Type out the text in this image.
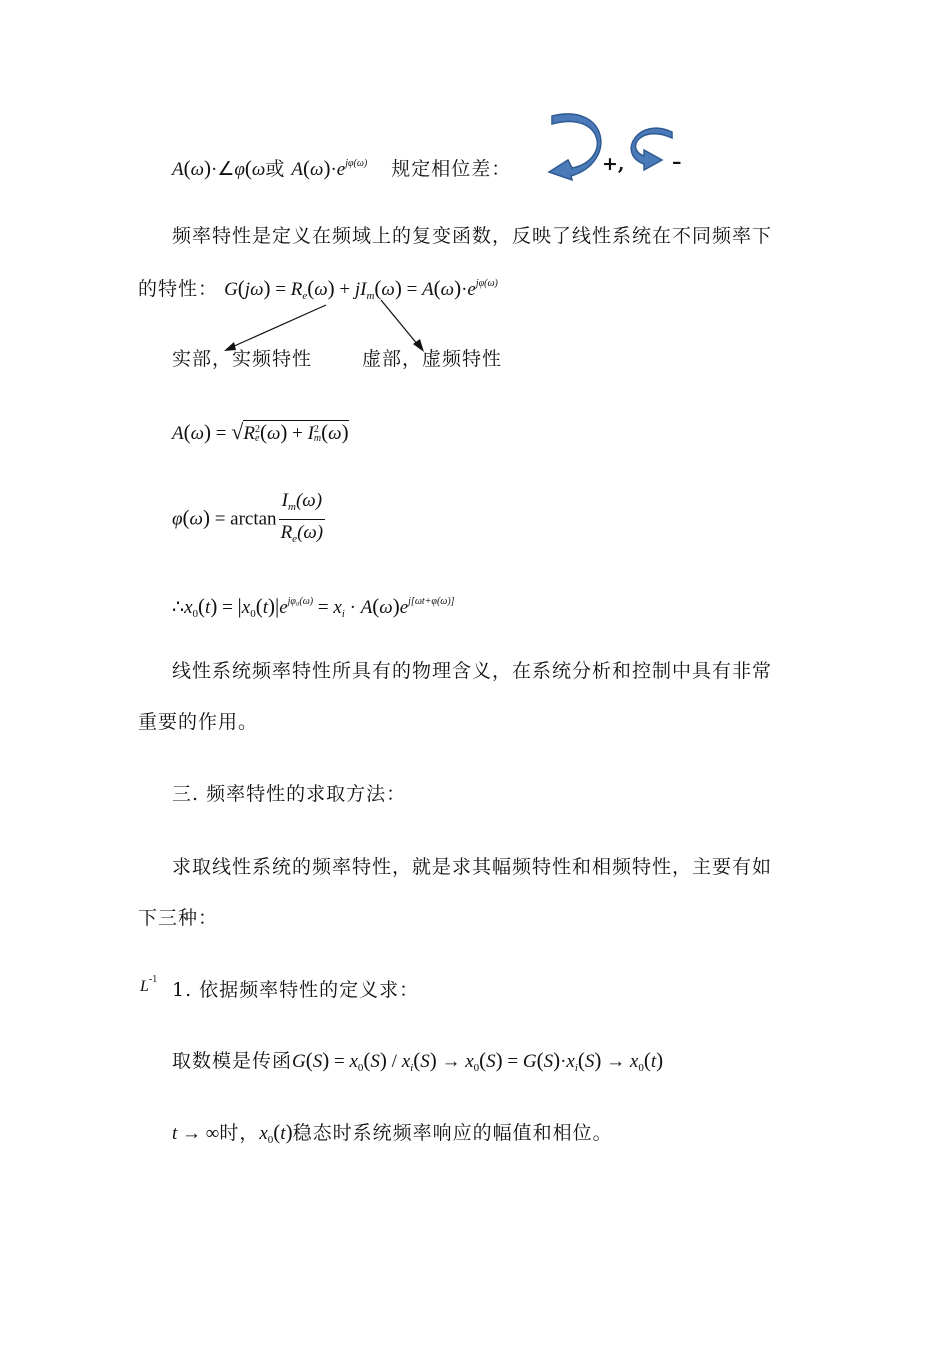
A(ω)·∠φ(ω或 $A(\omega)\cdot e^{j\varphi(\omega)}$ 规定相位差：	+, –
频率特性是定义在频域上的复变函数，反映了线性系统在不同频率下
的特性： $G(j\omega) = R_e(\omega) + jI_m(\omega) = A(\omega)\cdot e^{j\varphi(\omega)}$
实部，实频特性	虚部，虚频特性
A(ω) = √R 2
e (ω) + I 2
m (ω)
$\varphi(\omega) = \arctan \frac{I_m(\omega)}{R_e(\omega)}$
$\therefore x_0(t) = |x_0(t)|e^{j\varphi_0(\omega)} = x_i \cdot A(\omega)e^{j[\omega t+\varphi(\omega)]}$
线性系统频率特性所具有的物理含义，在系统分析和控制中具有非常
重要的作用。
三. 频率特性的求取方法：
求取线性系统的频率特性，就是求其幅频特性和相频特性，主要有如
下三种：
$L^{-1}$ 1. 依据频率特性的定义求：
取数模是传函$G(S) = x_0(S) / x_i(S) \to x_0(S) = G(S)\cdot x_i(S) \to x_0(t)$
t → ∞时，$x_0(t)$稳态时系统频率响应的幅值和相位。
